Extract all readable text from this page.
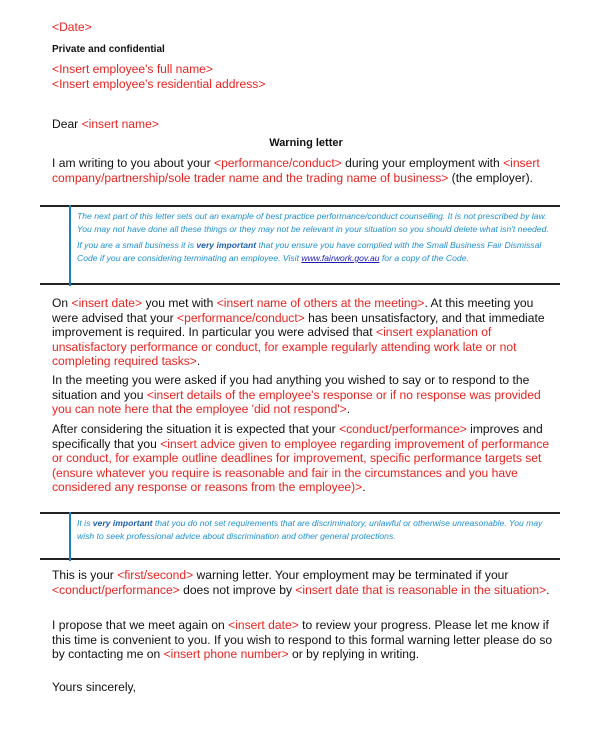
<Date>
Private and confidential
<Insert employee's full name>
<Insert employee's residential address>
Dear <insert name>
Warning letter
I am writing to you about your <performance/conduct> during your employment with <insert company/partnership/sole trader name and the trading name of business> (the employer).

The next part of this letter sets out an example of best practice performance/conduct counselling. It is not prescribed by law. You may not have done all these things or they may not be relevant in your situation so you should delete what isn't needed.

If you are a small business it is very important that you ensure you have complied with the Small Business Fair Dismissal Code if you are considering terminating an employee. Visit www.fairwork.gov.au for a copy of the Code.

On <insert date> you met with <insert name of others at the meeting>. At this meeting you were advised that your <performance/conduct> has been unsatisfactory, and that immediate improvement is required. In particular you were advised that <insert explanation of unsatisfactory performance or conduct, for example regularly attending work late or not completing required tasks>.
In the meeting you were asked if you had anything you wished to say or to respond to the situation and you <insert details of the employee's response or if no response was provided you can note here that the employee 'did not respond'>.
After considering the situation it is expected that your <conduct/performance> improves and specifically that you <insert advice given to employee regarding improvement of performance or conduct, for example outline deadlines for improvement, specific performance targets set (ensure whatever you require is reasonable and fair in the circumstances and you have considered any response or reasons from the employee)>.

It is very important that you do not set requirements that are discriminatory, unlawful or otherwise unreasonable. You may wish to seek professional advice about discrimination and other general protections.

This is your <first/second> warning letter. Your employment may be terminated if your <conduct/performance> does not improve by <insert date that is reasonable in the situation>.
I propose that we meet again on <insert date> to review your progress. Please let me know if this time is convenient to you. If you wish to respond to this formal warning letter please do so by contacting me on <insert phone number> or by replying in writing.
Yours sincerely,
